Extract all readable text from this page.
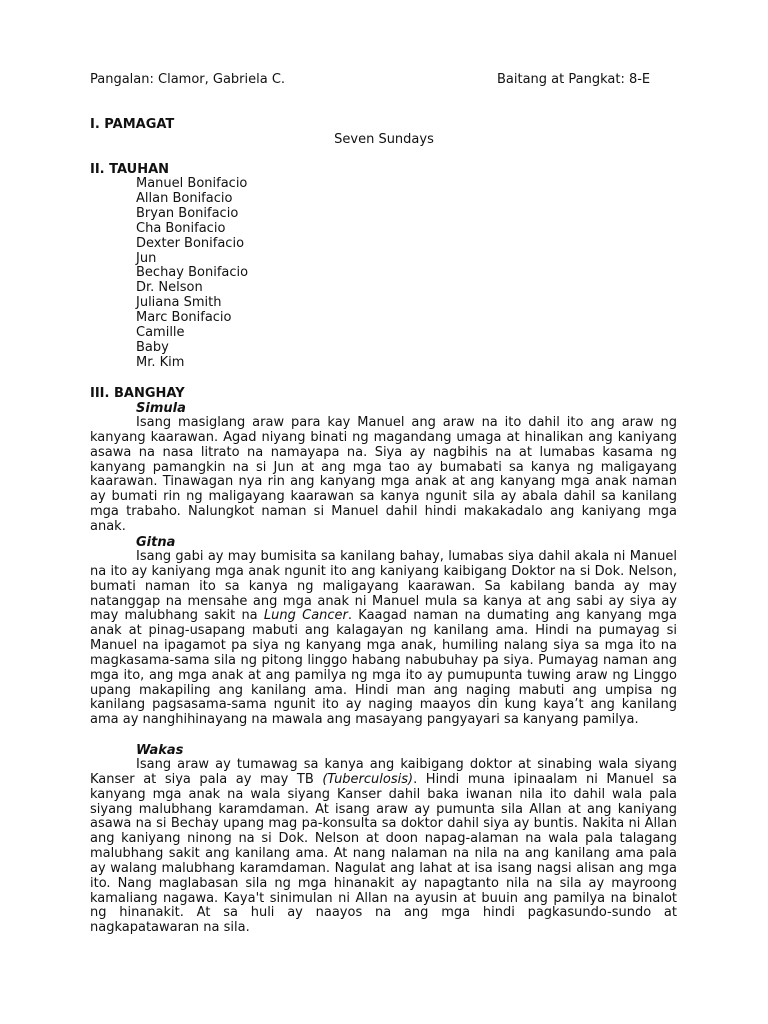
Pangalan: Clamor, Gabriela C.	Baitang at Pangkat: 8-E
I. PAMAGAT
Seven Sundays
II. TAUHAN
Manuel Bonifacio
Allan Bonifacio
Bryan Bonifacio
Cha Bonifacio
Dexter Bonifacio
Jun
Bechay Bonifacio
Dr. Nelson
Juliana Smith
Marc Bonifacio
Camille
Baby
Mr. Kim
III. BANGHAY
Simula

Isang masiglang araw para kay Manuel ang araw na ito dahil ito ang araw ng kanyang kaarawan. Agad niyang binati ng magandang umaga at hinalikan ang kaniyang asawa na nasa litrato na namayapa na. Siya ay nagbihis na at lumabas kasama ng kanyang pamangkin na si Jun at ang mga tao ay bumabati sa kanya ng maligayang kaarawan. Tinawagan nya rin ang kanyang mga anak at ang kanyang mga anak naman ay bumati rin ng maligayang kaarawan sa kanya ngunit sila ay abala dahil sa kanilang mga trabaho. Nalungkot naman si Manuel dahil hindi makakadalo ang kaniyang mga anak.

Gitna

Isang gabi ay may bumisita sa kanilang bahay, lumabas siya dahil akala ni Manuel na ito ay kaniyang mga anak ngunit ito ang kaniyang kaibigang Doktor na si Dok. Nelson, bumati naman ito sa kanya ng maligayang kaarawan. Sa kabilang banda ay may natanggap na mensahe ang mga anak ni Manuel mula sa kanya at ang sabi ay siya ay may malubhang sakit na Lung Cancer. Kaagad naman na dumating ang kanyang mga anak at pinag-usapang mabuti ang kalagayan ng kanilang ama. Hindi na pumayag si Manuel na ipagamot pa siya ng kanyang mga anak, humiling nalang siya sa mga ito na magkasama-sama sila ng pitong linggo habang nabubuhay pa siya. Pumayag naman ang mga ito, ang mga anak at ang pamilya ng mga ito ay pumupunta tuwing araw ng Linggo upang makapiling ang kanilang ama. Hindi man ang naging mabuti ang umpisa ng kanilang pagsasama-sama ngunit ito ay naging maayos din kung kaya’t ang kanilang ama ay nanghihinayang na mawala ang masayang pangyayari sa kanyang pamilya.

Wakas

Isang araw ay tumawag sa kanya ang kaibigang doktor at sinabing wala siyang Kanser at siya pala ay may TB (Tuberculosis). Hindi muna ipinaalam ni Manuel sa kanyang mga anak na wala siyang Kanser dahil baka iwanan nila ito dahil wala pala siyang malubhang karamdaman. At isang araw ay pumunta sila Allan at ang kaniyang asawa na si Bechay upang mag pa-konsulta sa doktor dahil siya ay buntis. Nakita ni Allan ang kaniyang ninong na si Dok. Nelson at doon napag-alaman na wala pala talagang malubhang sakit ang kanilang ama. At nang nalaman na nila na ang kanilang ama pala ay walang malubhang karamdaman. Nagulat ang lahat at isa isang nagsi alisan ang mga ito. Nang maglabasan sila ng mga hinanakit ay napagtanto nila na sila ay mayroong kamaliang nagawa. Kaya't sinimulan ni Allan na ayusin at buuin ang pamilya na binalot ng hinanakit. At sa huli ay naayos na ang mga hindi pagkasundo-sundo at nagkapatawaran na sila.
